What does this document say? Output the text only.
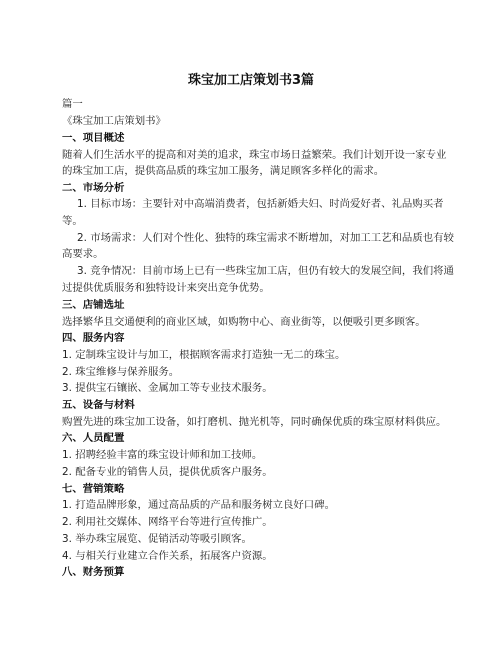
珠宝加工店策划书3篇
篇一
《珠宝加工店策划书》
一、项目概述
随着人们生活水平的提高和对美的追求，珠宝市场日益繁荣。我们计划开设一家专业
的珠宝加工店，提供高品质的珠宝加工服务，满足顾客多样化的需求。
二、市场分析
1. 目标市场：主要针对中高端消费者，包括新婚夫妇、时尚爱好者、礼品购买者
等。
2. 市场需求：人们对个性化、独特的珠宝需求不断增加，对加工工艺和品质也有较
高要求。
3. 竞争情况：目前市场上已有一些珠宝加工店，但仍有较大的发展空间，我们将通
过提供优质服务和独特设计来突出竞争优势。
三、店铺选址
选择繁华且交通便利的商业区域，如购物中心、商业街等，以便吸引更多顾客。
四、服务内容
1. 定制珠宝设计与加工，根据顾客需求打造独一无二的珠宝。
2. 珠宝维修与保养服务。
3. 提供宝石镶嵌、金属加工等专业技术服务。
五、设备与材料
购置先进的珠宝加工设备，如打磨机、抛光机等，同时确保优质的珠宝原材料供应。
六、人员配置
1. 招聘经验丰富的珠宝设计师和加工技师。
2. 配备专业的销售人员，提供优质客户服务。
七、营销策略
1. 打造品牌形象，通过高品质的产品和服务树立良好口碑。
2. 利用社交媒体、网络平台等进行宣传推广。
3. 举办珠宝展览、促销活动等吸引顾客。
4. 与相关行业建立合作关系，拓展客户资源。
八、财务预算
